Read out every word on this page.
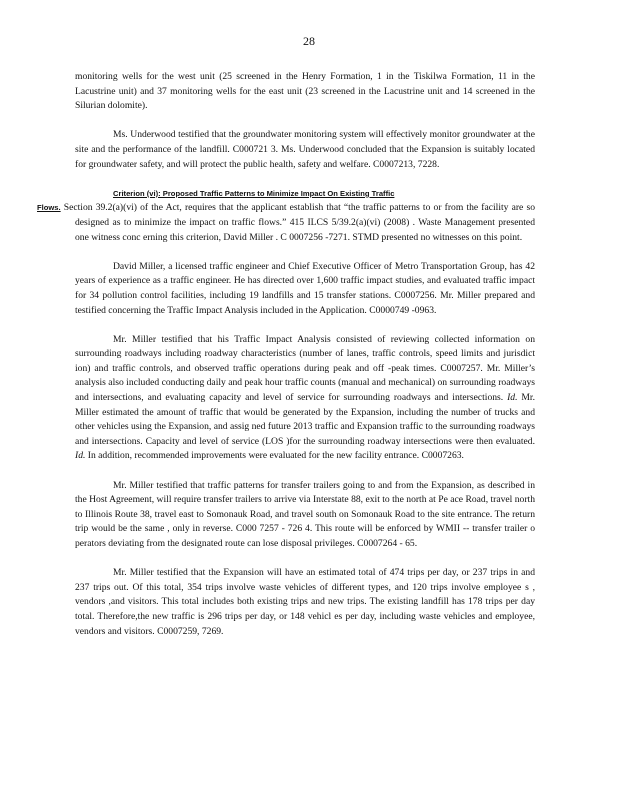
28

monitoring wells for the west unit (25 screened in the Henry Formation, 1 in the Tiskilwa Formation, 11 in the Lacustrine unit) and 37 monitoring wells for the east unit (23 screened in the Lacustrine unit and 14 screened in the Silurian dolomite).

Ms. Underwood testified that the groundwater monitoring system will effectively monitor groundwater at the site and the performance of the landfill. C000721 3. Ms. Underwood concluded that the Expansion is suitably located for groundwater safety, and will protect the public health, safety and welfare. C0007213, 7228.

Criterion (vi): Proposed Traffic Patterns to Minimize Impact On Existing Traffic
Flows. Section 39.2(a)(vi) of the Act, requires that the applicant establish that “the traffic patterns to or from the facility are so designed as to minimize the impact on traffic flows.” 415 ILCS 5/39.2(a)(vi) (2008) . Waste Management presented one witness conc erning this criterion, David Miller . C 0007256 -7271. STMD presented no witnesses on this point.

David Miller, a licensed traffic engineer and Chief Executive Officer of Metro Transportation Group, has 42 years of experience as a traffic engineer. He has directed over 1,600 traffic impact studies, and evaluated traffic impact for 34 pollution control facilities, including 19 landfills and 15 transfer stations. C0007256. Mr. Miller prepared and testified concerning the Traffic Impact Analysis included in the Application. C0000749 -0963.

Mr. Miller testified that his Traffic Impact Analysis consisted of reviewing collected information on surrounding roadways including roadway characteristics (number of lanes, traffic controls, speed limits and jurisdict ion) and traffic controls, and observed traffic operations during peak and off -peak times. C0007257. Mr. Miller’s analysis also included conducting daily and peak hour traffic counts (manual and mechanical) on surrounding roadways and intersections, and evaluating capacity and level of service for surrounding roadways and intersections. Id. Mr. Miller estimated the amount of traffic that would be generated by the Expansion, including the number of trucks and other vehicles using the Expansion, and assig ned future 2013 traffic and Expansion traffic to the surrounding roadways and intersections. Capacity and level of service (LOS )for the surrounding roadway intersections were then evaluated. Id. In addition, recommended improvements were evaluated for the new facility entrance. C0007263.

Mr. Miller testified that traffic patterns for transfer trailers going to and from the Expansion, as described in the Host Agreement, will require transfer trailers to arrive via Interstate 88, exit to the north at Pe ace Road, travel north to Illinois Route 38, travel east to Somonauk Road, and travel south on Somonauk Road to the site entrance. The return trip would be the same , only in reverse. C000 7257 - 726 4. This route will be enforced by WMII -- transfer trailer o perators deviating from the designated route can lose disposal privileges. C0007264 - 65.

Mr. Miller testified that the Expansion will have an estimated total of 474 trips per day, or 237 trips in and 237 trips out. Of this total, 354 trips involve waste vehicles of different types, and 120 trips involve employee s , vendors ,and visitors. This total includes both existing trips and new trips. The existing landfill has 178 trips per day total. Therefore,the new traffic is 296 trips per day, or 148 vehicl es per day, including waste vehicles and employee, vendors and visitors. C0007259, 7269.
